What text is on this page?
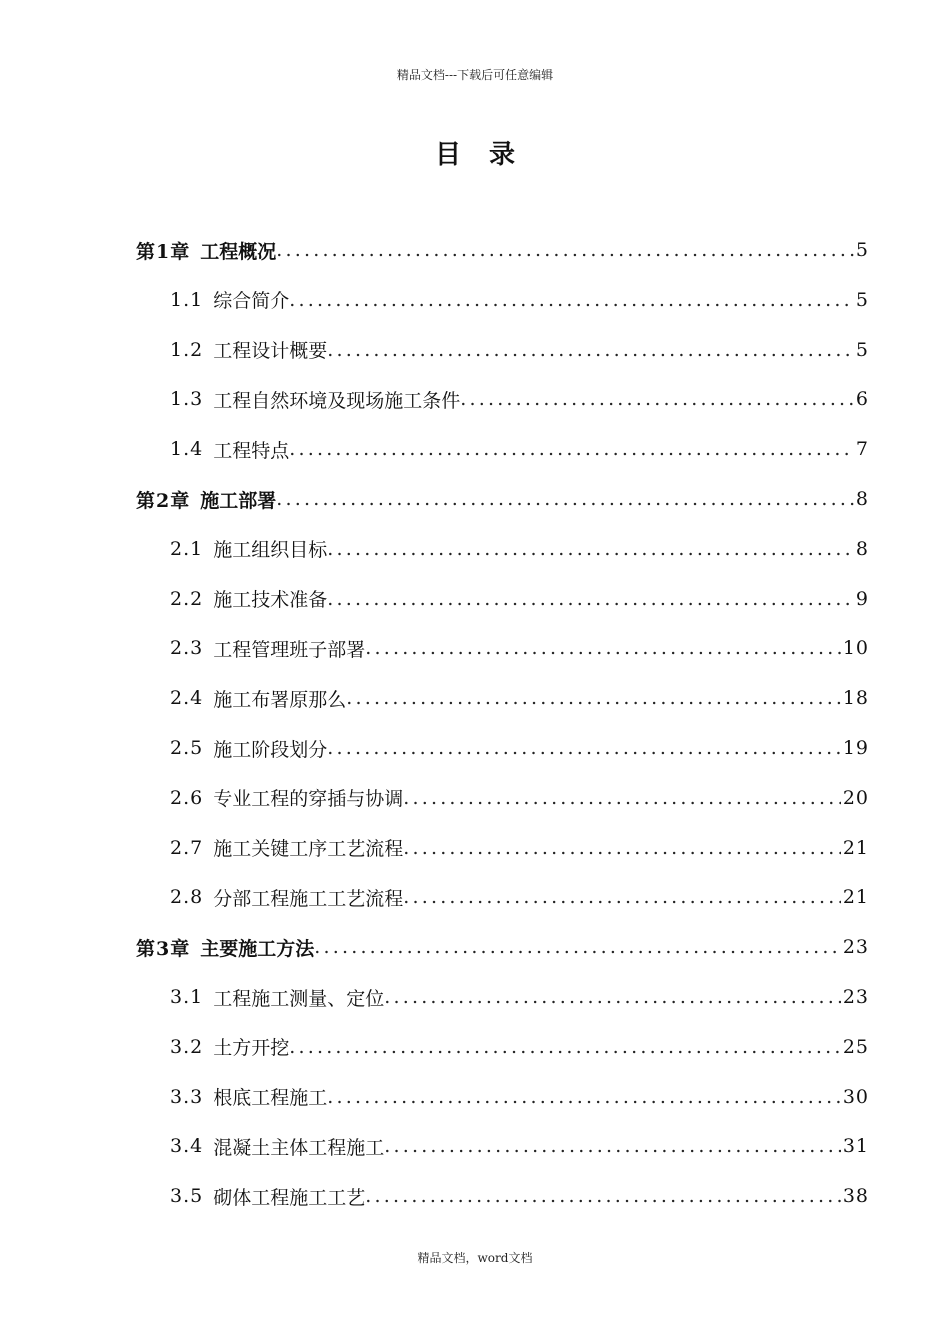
精品文档---下载后可任意编辑
目录
第1章 工程概况 .....	5
1.1 综合简介 .....	5
1.2 工程设计概要 .....	5
1.3 工程自然环境及现场施工条件 .....	6
1.4 工程特点 .....	7
第2章 施工部署 .....	8
2.1 施工组织目标 .....	8
2.2 施工技术准备 .....	9
2.3 工程管理班子部署 .....	10
2.4 施工布署原那么 .....	18
2.5 施工阶段划分 .....	19
2.6 专业工程的穿插与协调 .....	20
2.7 施工关键工序工艺流程 .....	21
2.8 分部工程施工工艺流程 .....	21
第3章 主要施工方法 .....	23
3.1 工程施工测量、定位 .....	23
3.2 土方开挖 .....	25
3.3 根底工程施工 .....	30
3.4 混凝土主体工程施工 .....	31
3.5 砌体工程施工工艺 .....	38
精品文档，word文档
